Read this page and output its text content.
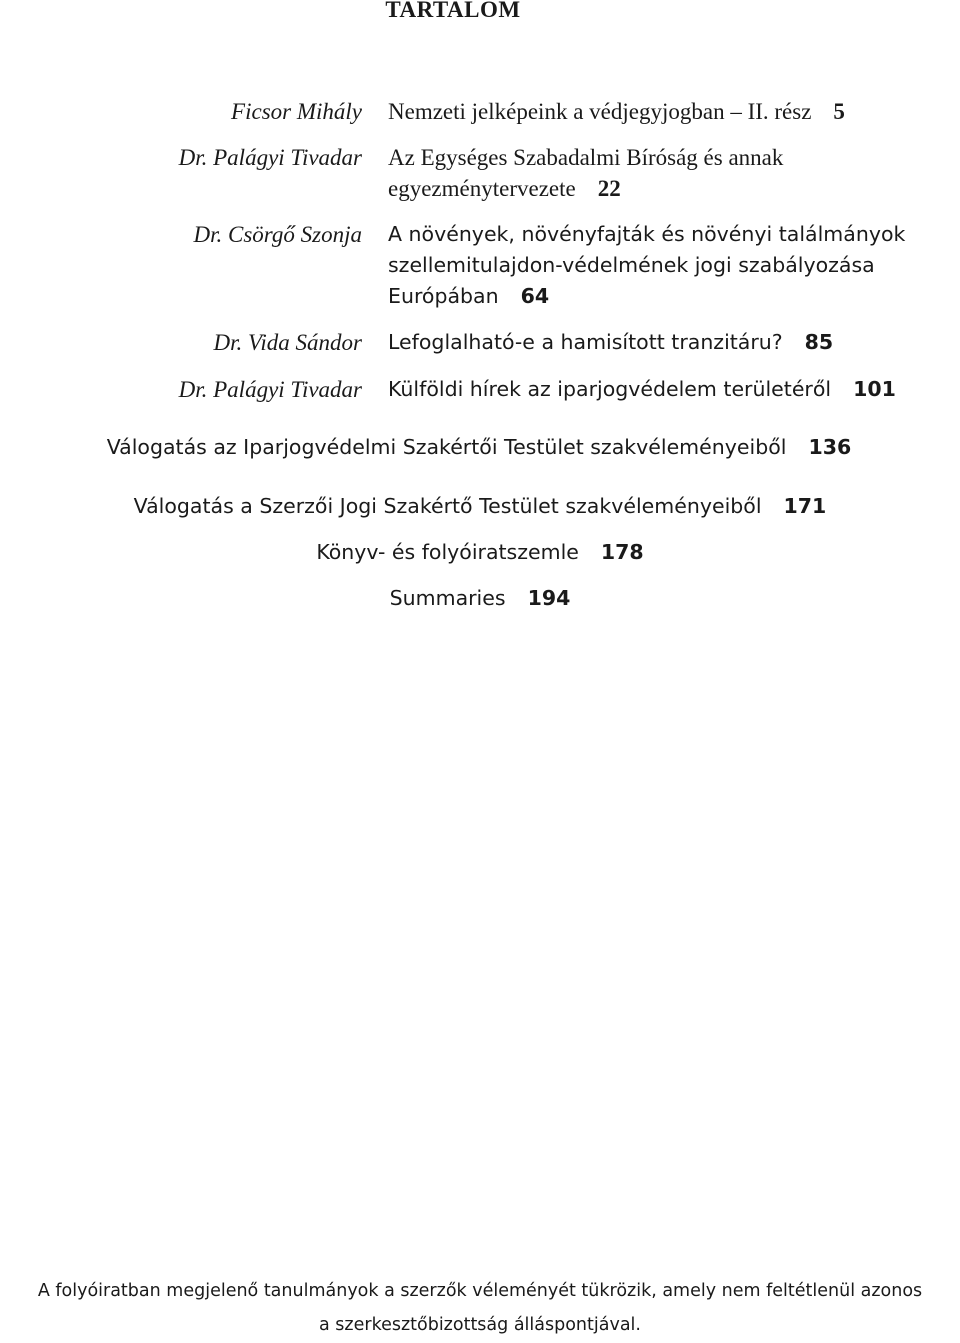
TARTALOM
Ficsor Mihály Nemzeti jelképeink a védjegyjogban – II. rész 5
Dr. Palágyi Tivadar Az Egységes Szabadalmi Bíróság és annak
egyezménytervezete 22
Dr. Csörgő Szonja A növények, növényfajták és növényi találmányok
szellemitulajdon-védelmének jogi szabályozása
Európában 64
Dr. Vida Sándor Lefoglalható-e a hamisított tranzitáru? 85
Dr. Palágyi Tivadar Külföldi hírek az iparjogvédelem területéről 101
Válogatás az Iparjogvédelmi Szakértői Testület szakvéleményeiből 136
Válogatás a Szerzői Jogi Szakértő Testület szakvéleményeiből 171
Könyv- és folyóiratszemle 178
Summaries 194
A folyóiratban megjelenő tanulmányok a szerzők véleményét tükrözik, amely nem feltétlenül azonos
a szerkesztőbizottság álláspontjával.
